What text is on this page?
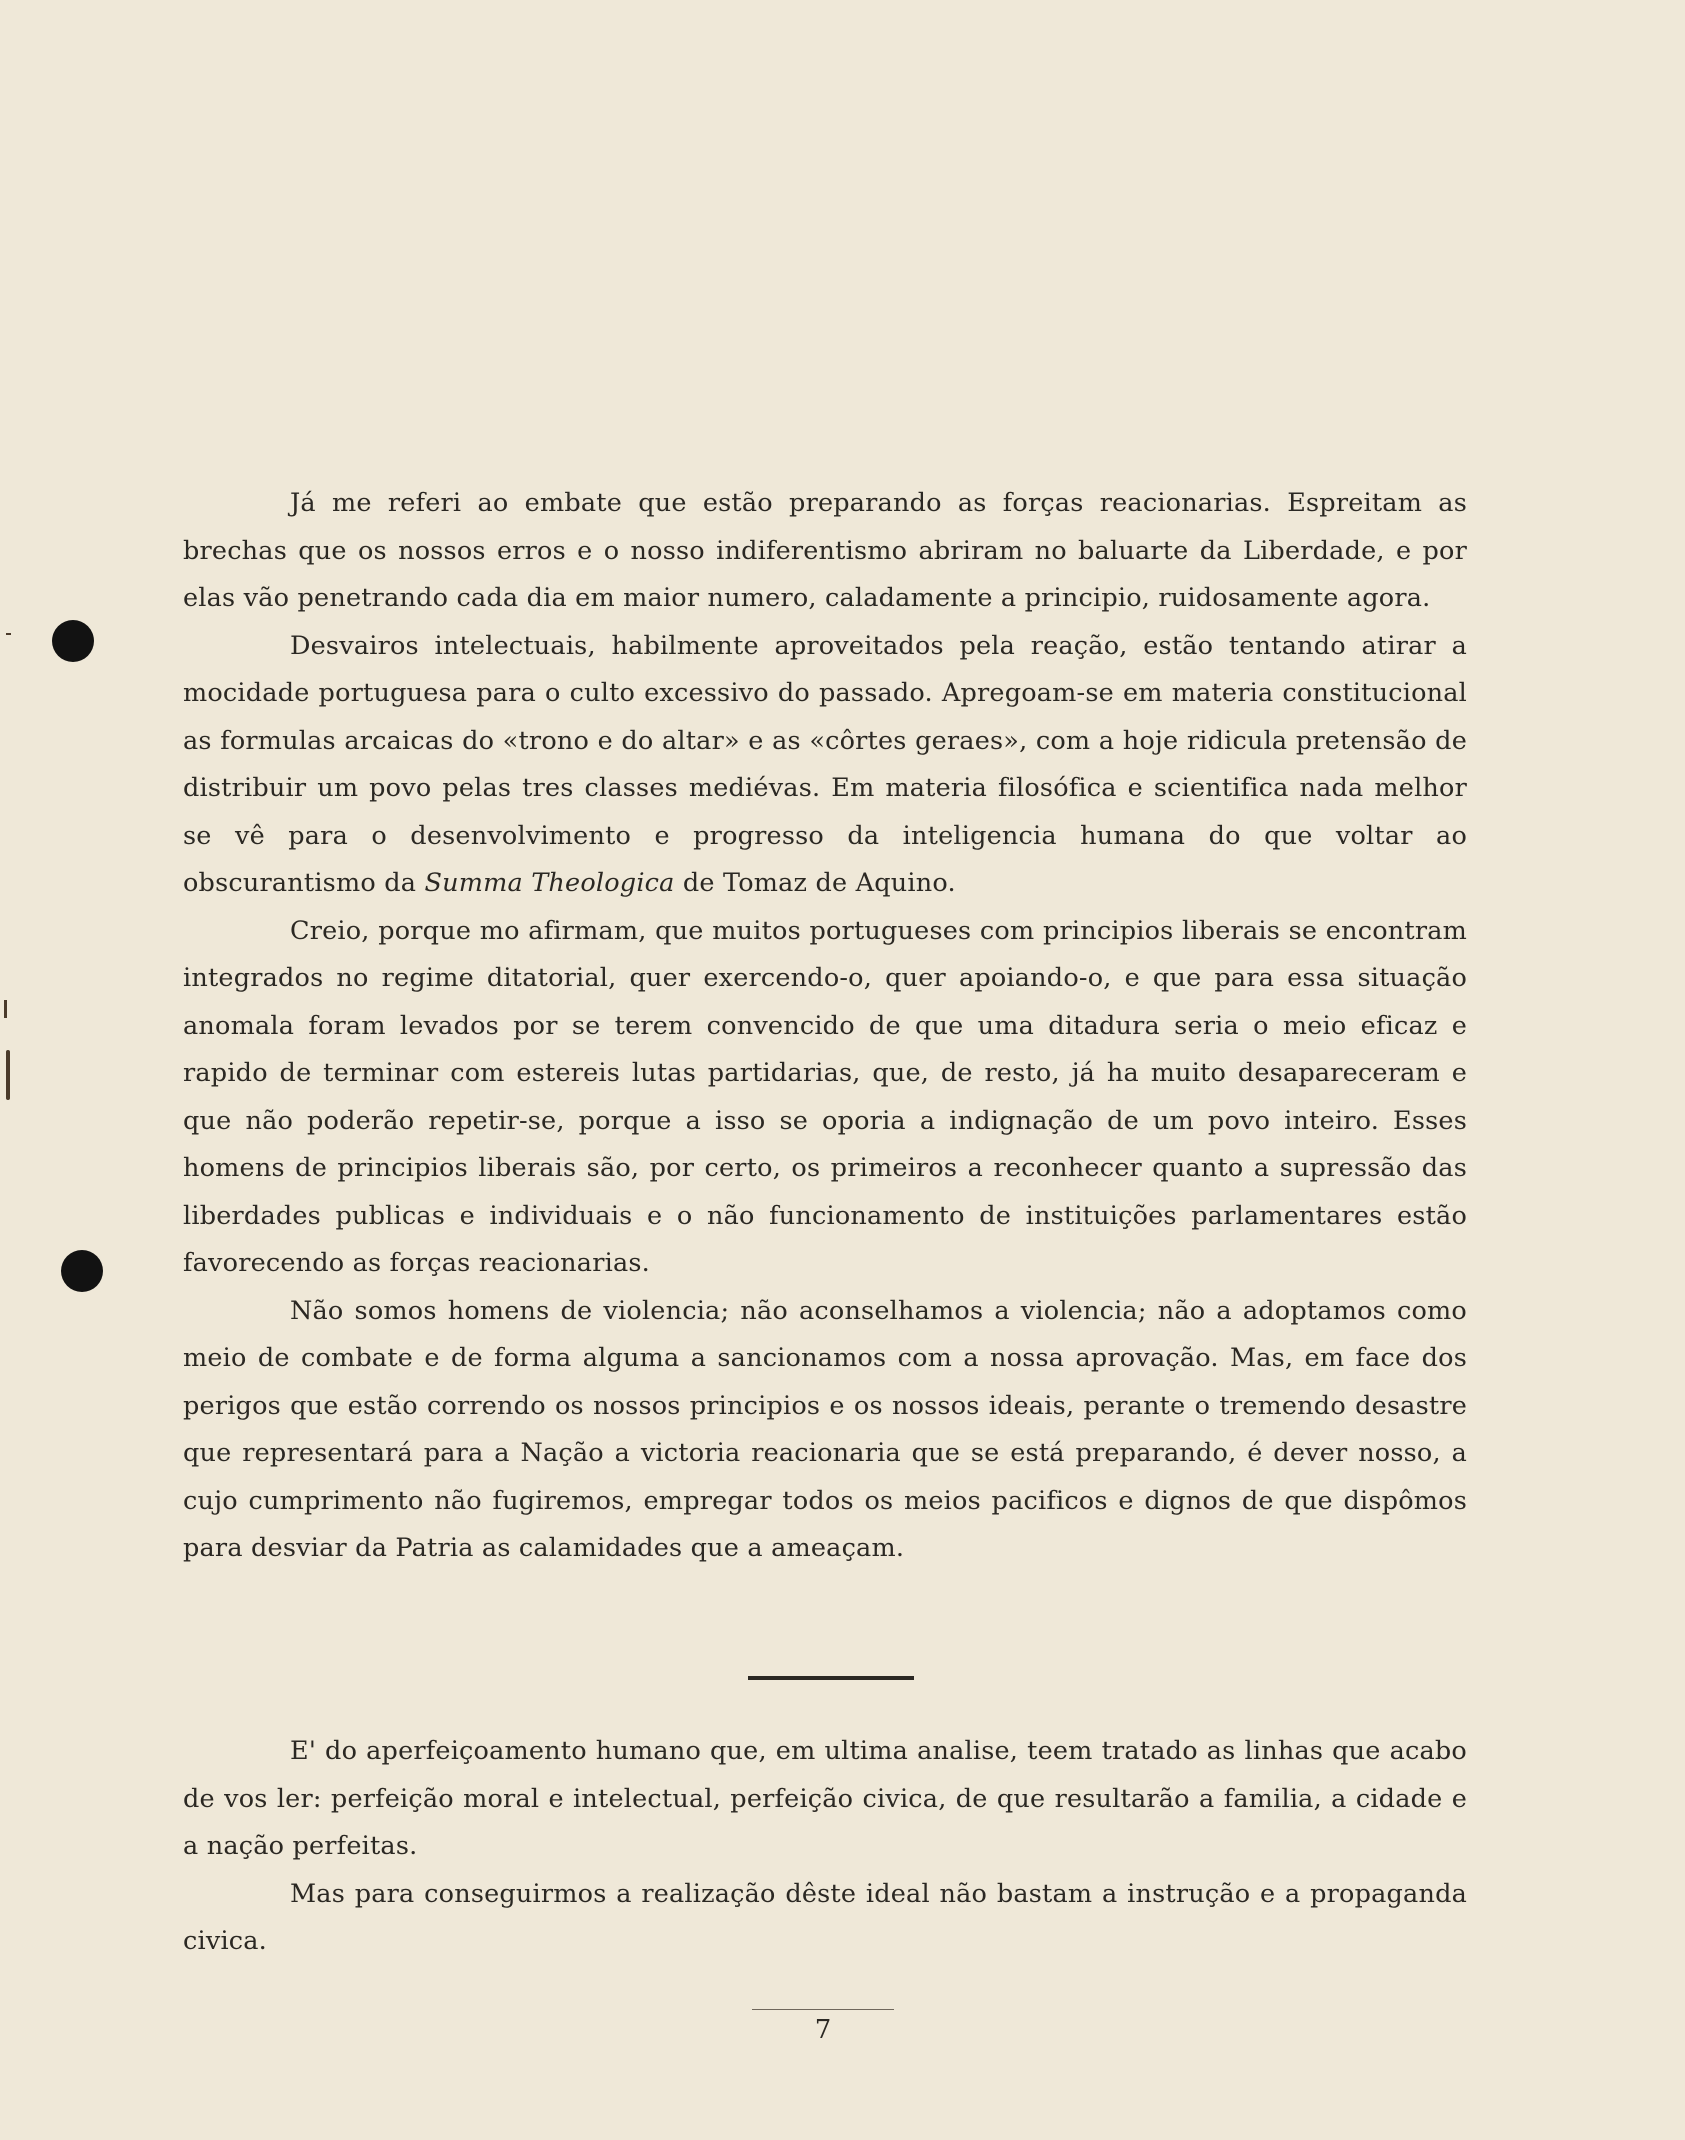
Já me referi ao embate que estão preparando as forças reacionarias. Espreitam as brechas que os nossos erros e o nosso indiferentismo abriram no baluarte da Liberdade, e por elas vão penetrando cada dia em maior numero, caladamente a principio, ruidosamente agora.

Desvairos intelectuais, habilmente aproveitados pela reação, estão tentando atirar a mocidade portuguesa para o culto excessivo do passado. Apregoam-se em materia constitucional as formulas arcaicas do «trono e do altar» e as «côrtes geraes», com a hoje ridicula pretensão de distribuir um povo pelas tres classes mediévas. Em materia filosófica e scientifica nada melhor se vê para o desenvolvimento e progresso da inteligencia humana do que voltar ao obscurantismo da Summa Theologica de Tomaz de Aquino.

Creio, porque mo afirmam, que muitos portugueses com principios liberais se encontram integrados no regime ditatorial, quer exercendo-o, quer apoiando-o, e que para essa situação anomala foram levados por se terem convencido de que uma ditadura seria o meio eficaz e rapido de terminar com estereis lutas partidarias, que, de resto, já ha muito desapareceram e que não poderão repetir-se, porque a isso se oporia a indignação de um povo inteiro. Esses homens de principios liberais são, por certo, os primeiros a reconhecer quanto a supressão das liberdades publicas e individuais e o não funcionamento de instituições parlamentares estão favorecendo as forças reacionarias.

Não somos homens de violencia; não aconselhamos a violencia; não a adoptamos como meio de combate e de forma alguma a sancionamos com a nossa aprovação. Mas, em face dos perigos que estão correndo os nossos principios e os nossos ideais, perante o tremendo desastre que representará para a Nação a victoria reacionaria que se está preparando, é dever nosso, a cujo cumprimento não fugiremos, empregar todos os meios pacificos e dignos de que dispômos para desviar da Patria as calamidades que a ameaçam.

E' do aperfeiçoamento humano que, em ultima analise, teem tratado as linhas que acabo de vos ler: perfeição moral e intelectual, perfeição civica, de que resultarão a familia, a cidade e a nação perfeitas.

Mas para conseguirmos a realização dêste ideal não bastam a instrução e a propaganda civica.

7
